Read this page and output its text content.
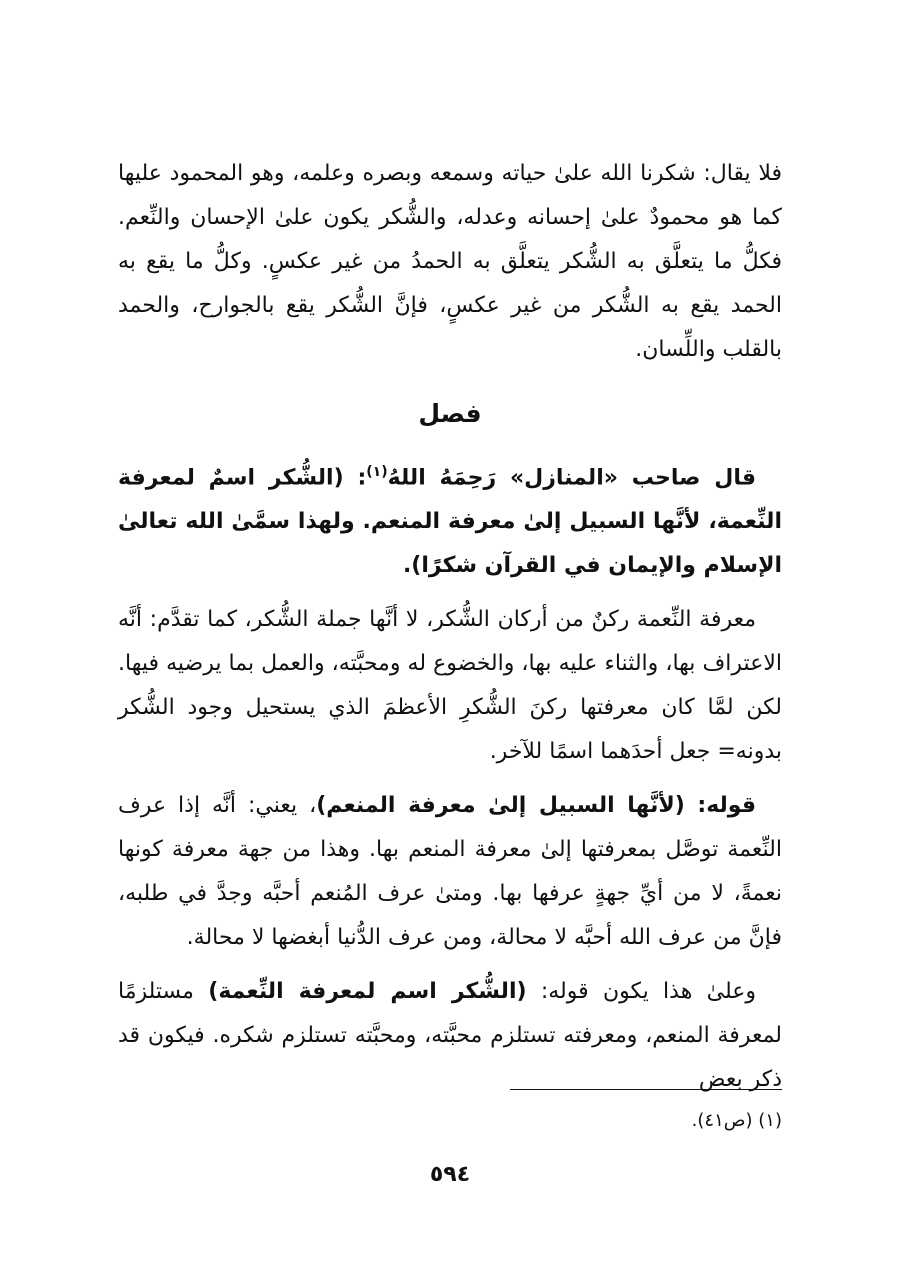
فلا يقال: شكرنا الله علىٰ حياته وسمعه وبصره وعلمه، وهو المحمود عليها كما هو محمودٌ علىٰ إحسانه وعدله، والشُّكر يكون علىٰ الإحسان والنِّعم. فكلُّ ما يتعلَّق به الشُّكر يتعلَّق به الحمدُ من غير عكسٍ. وكلُّ ما يقع به الحمد يقع به الشُّكر من غير عكسٍ، فإنَّ الشُّكر يقع بالجوارح، والحمد بالقلب واللِّسان.

فصل

قال صاحب «المنازل» رَحِمَهُ اللهُ$^{(١)}$: (الشُّكر اسمٌ لمعرفة النِّعمة، لأنَّها السبيل إلىٰ معرفة المنعم. ولهذا سمَّىٰ الله تعالىٰ الإسلام والإيمان في القرآن شكرًا).

معرفة النِّعمة ركنٌ من أركان الشُّكر، لا أنَّها جملة الشُّكر، كما تقدَّم: أنَّه الاعتراف بها، والثناء عليه بها، والخضوع له ومحبَّته، والعمل بما يرضيه فيها. لكن لمَّا كان معرفتها ركنَ الشُّكرِ الأعظمَ الذي يستحيل وجود الشُّكر بدونه= جعل أحدَهما اسمًا للآخر.

قوله: (لأنَّها السبيل إلىٰ معرفة المنعم)، يعني: أنَّه إذا عرف النِّعمة توصَّل بمعرفتها إلىٰ معرفة المنعم بها. وهذا من جهة معرفة كونها نعمةً، لا من أيِّ جهةٍ عرفها بها. ومتىٰ عرف المُنعم أحبَّه وجدَّ في طلبه، فإنَّ من عرف الله أحبَّه لا محالة، ومن عرف الدُّنيا أبغضها لا محالة.

وعلىٰ هذا يكون قوله: (الشُّكر اسم لمعرفة النِّعمة) مستلزمًا لمعرفة المنعم، ومعرفته تستلزم محبَّته، ومحبَّته تستلزم شكره. فيكون قد ذكر بعض

(١) (ص٤١).
٥٩٤
